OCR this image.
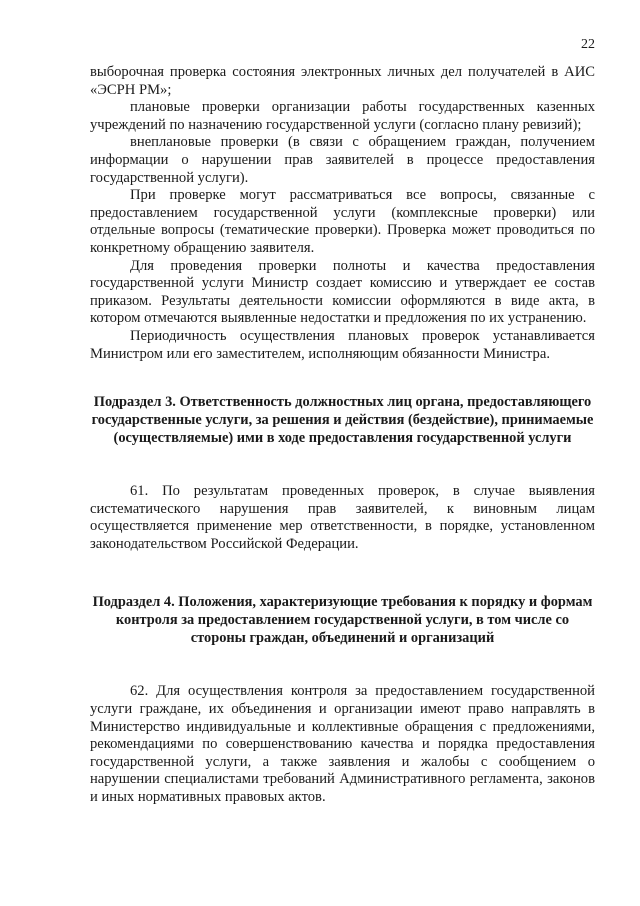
22

выборочная проверка состояния электронных личных дел получателей в АИС «ЭСРН РМ»;

плановые проверки организации работы государственных казенных учреждений по назначению государственной услуги (согласно плану ревизий);

внеплановые проверки (в связи с обращением граждан, получением информации о нарушении прав заявителей в процессе предоставления государственной услуги).

При проверке могут рассматриваться все вопросы, связанные с предоставлением государственной услуги (комплексные проверки) или отдельные вопросы (тематические проверки). Проверка может проводиться по конкретному обращению заявителя.

Для проведения проверки полноты и качества предоставления государственной услуги Министр создает комиссию и утверждает ее состав приказом. Результаты деятельности комиссии оформляются в виде акта, в котором отмечаются выявленные недостатки и предложения по их устранению.

Периодичность осуществления плановых проверок устанавливается Министром или его заместителем, исполняющим обязанности Министра.

Подраздел 3. Ответственность должностных лиц органа, предоставляющего государственные услуги, за решения и действия (бездействие), принимаемые (осуществляемые) ими в ходе предоставления государственной услуги

61. По результатам проведенных проверок, в случае выявления систематического нарушения прав заявителей, к виновным лицам осуществляется применение мер ответственности, в порядке, установленном законодательством Российской Федерации.

Подраздел 4. Положения, характеризующие требования к порядку и формам контроля за предоставлением государственной услуги, в том числе со стороны граждан, объединений и организаций

62. Для осуществления контроля за предоставлением государственной услуги граждане, их объединения и организации имеют право направлять в Министерство индивидуальные и коллективные обращения с предложениями, рекомендациями по совершенствованию качества и порядка предоставления государственной услуги, а также заявления и жалобы с сообщением о нарушении специалистами требований Административного регламента, законов и иных нормативных правовых актов.
